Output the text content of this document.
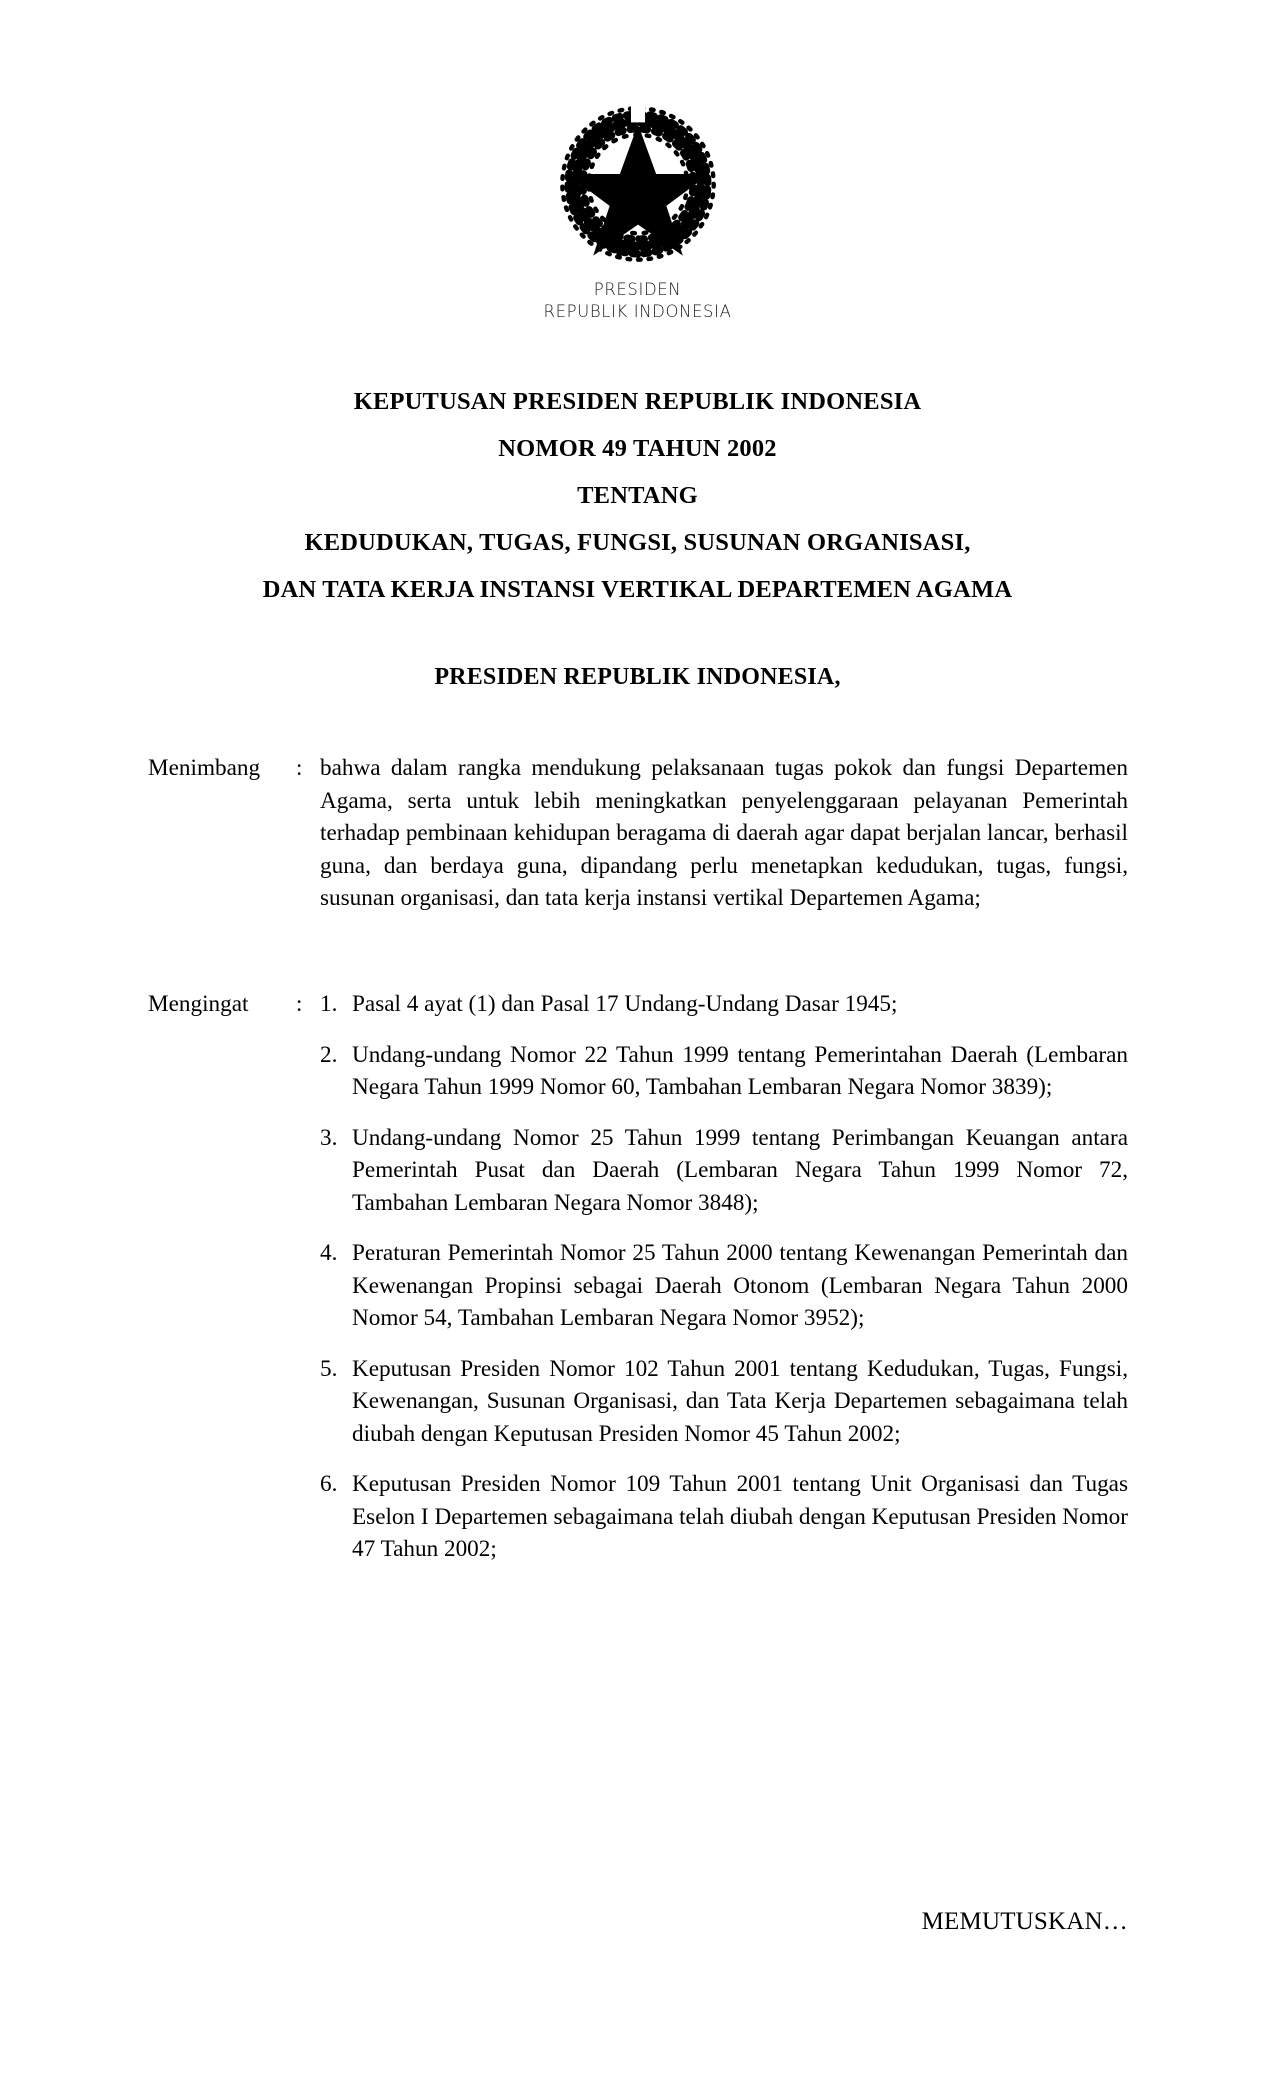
PRESIDEN
REPUBLIK INDONESIA
KEPUTUSAN PRESIDEN REPUBLIK INDONESIA
NOMOR 49 TAHUN 2002
TENTANG
KEDUDUKAN, TUGAS, FUNGSI, SUSUNAN ORGANISASI,
DAN TATA KERJA INSTANSI VERTIKAL DEPARTEMEN AGAMA
PRESIDEN REPUBLIK INDONESIA,
Menimbang	: bahwa dalam rangka mendukung pelaksanaan tugas pokok dan fungsi Departemen Agama, serta untuk lebih meningkatkan penyelenggaraan pelayanan Pemerintah terhadap pembinaan kehidupan beragama di daerah agar dapat berjalan lancar, berhasil guna, dan berdaya guna, dipandang perlu menetapkan kedudukan, tugas, fungsi, susunan organisasi, dan tata kerja instansi vertikal Departemen Agama;

Mengingat	: 1. Pasal 4 ayat (1) dan Pasal 17 Undang-Undang Dasar 1945;
2. Undang-undang Nomor 22 Tahun 1999 tentang Pemerintahan Daerah (Lembaran Negara Tahun 1999 Nomor 60, Tambahan Lembaran Negara Nomor 3839);
3. Undang-undang Nomor 25 Tahun 1999 tentang Perimbangan Keuangan antara Pemerintah Pusat dan Daerah (Lembaran Negara Tahun 1999 Nomor 72, Tambahan Lembaran Negara Nomor 3848);
4. Peraturan Pemerintah Nomor 25 Tahun 2000 tentang Kewenangan Pemerintah dan Kewenangan Propinsi sebagai Daerah Otonom (Lembaran Negara Tahun 2000 Nomor 54, Tambahan Lembaran Negara Nomor 3952);
5. Keputusan Presiden Nomor 102 Tahun 2001 tentang Kedudukan, Tugas, Fungsi, Kewenangan, Susunan Organisasi, dan Tata Kerja Departemen sebagaimana telah diubah dengan Keputusan Presiden Nomor 45 Tahun 2002;
6. Keputusan Presiden Nomor 109 Tahun 2001 tentang Unit Organisasi dan Tugas Eselon I Departemen sebagaimana telah diubah dengan Keputusan Presiden Nomor 47 Tahun 2002;
MEMUTUSKAN…
